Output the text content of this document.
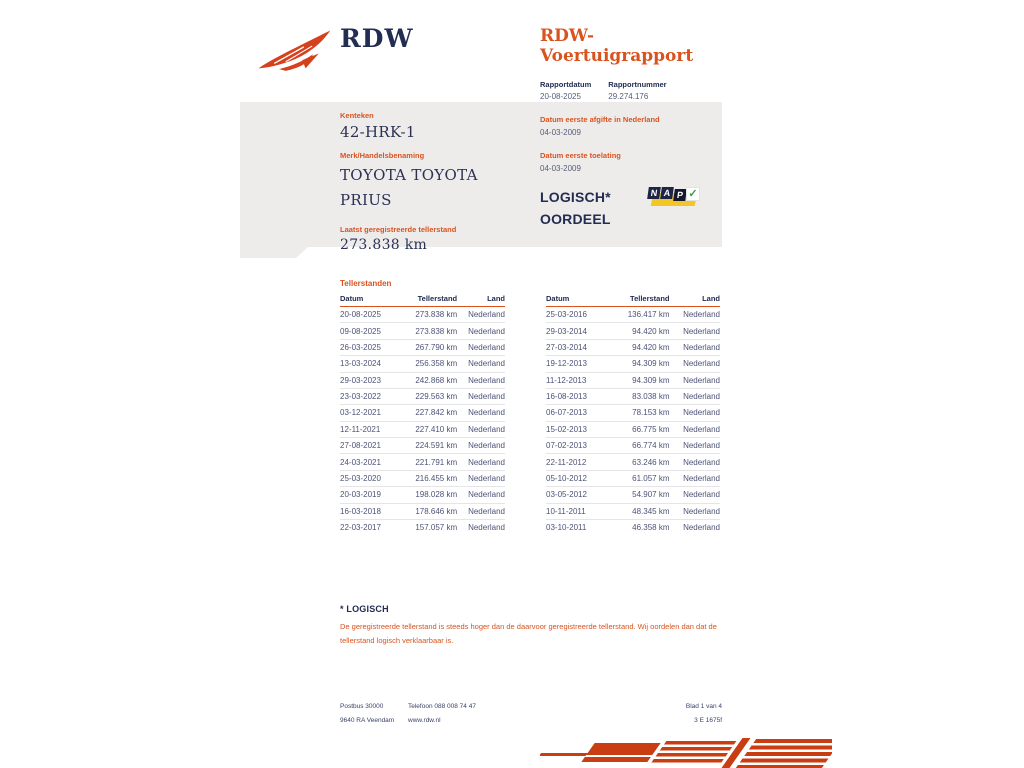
RDW	RDW-Voertuigrapport
Rapportdatum
20-08-2025
Rapportnummer
29.274.176
Kenteken
42-HRK-1
Merk/Handelsbenaming
TOYOTA TOYOTA PRIUS
Laatst geregistreerde tellerstand
273.838 km
Datum eerste afgifte in Nederland
04-03-2009
Datum eerste toelating
04-03-2009
LOGISCH*
OORDEEL
N A P ✓
Tellerstanden
Datum	Tellerstand	Land
20-08-2025	273.838 km	Nederland
09-08-2025	273.838 km	Nederland
26-03-2025	267.790 km	Nederland
13-03-2024	256.358 km	Nederland
29-03-2023	242.868 km	Nederland
23-03-2022	229.563 km	Nederland
03-12-2021	227.842 km	Nederland
12-11-2021	227.410 km	Nederland
27-08-2021	224.591 km	Nederland
24-03-2021	221.791 km	Nederland
25-03-2020	216.455 km	Nederland
20-03-2019	198.028 km	Nederland
16-03-2018	178.646 km	Nederland
22-03-2017	157.057 km	Nederland
Datum	Tellerstand	Land
25-03-2016	136.417 km	Nederland
29-03-2014	94.420 km	Nederland
27-03-2014	94.420 km	Nederland
19-12-2013	94.309 km	Nederland
11-12-2013	94.309 km	Nederland
16-08-2013	83.038 km	Nederland
06-07-2013	78.153 km	Nederland
15-02-2013	66.775 km	Nederland
07-02-2013	66.774 km	Nederland
22-11-2012	63.246 km	Nederland
05-10-2012	61.057 km	Nederland
03-05-2012	54.907 km	Nederland
10-11-2011	48.345 km	Nederland
03-10-2011	46.358 km	Nederland
* LOGISCH

De geregistreerde tellerstand is steeds hoger dan de daarvoor geregistreerde tellerstand. Wij oordelen dan dat de tellerstand logisch verklaarbaar is.

Postbus 30000
9640 RA Veendam
Telefoon 088 008 74 47
www.rdw.nl
Blad 1 van 4
3 E 1675f
